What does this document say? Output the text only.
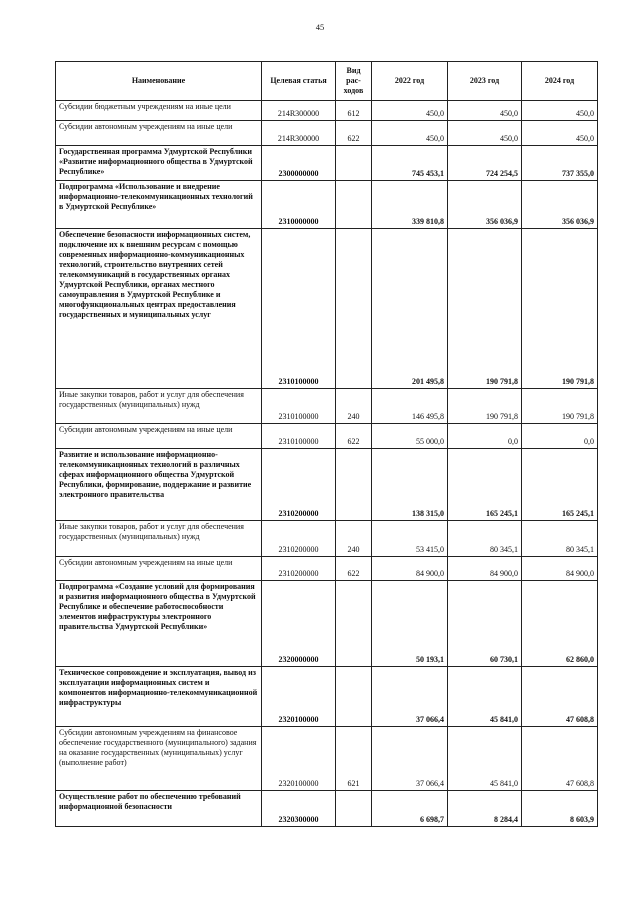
45
Наименование	Целевая статья	Вид рас-ходов	2022 год	2023 год	2024 год
Субсидии бюджетным учреждениям на иные цели	214R300000	612	450,0	450,0	450,0
Субсидии автономным учреждениям на иные цели	214R300000	622	450,0	450,0	450,0
Государственная программа Удмуртской Республики «Развитие информационного общества в Удмуртской Республике»	2300000000		745 453,1	724 254,5	737 355,0
Подпрограмма «Использование и внедрение информационно-телекоммуникационных технологий в Удмуртской Республике»	2310000000		339 810,8	356 036,9	356 036,9
Обеспечение безопасности информационных систем, подключение их к внешним ресурсам с помощью современных информационно-коммуникационных технологий, строительство внутренних сетей телекоммуникаций в государственных органах Удмуртской Республики, органах местного самоуправления в Удмуртской Республике и многофункциональных центрах предоставления государственных и муниципальных услуг	2310100000		201 495,8	190 791,8	190 791,8
Иные закупки товаров, работ и услуг для обеспечения государственных (муниципальных) нужд	2310100000	240	146 495,8	190 791,8	190 791,8
Субсидии автономным учреждениям на иные цели	2310100000	622	55 000,0	0,0	0,0
Развитие и использование информационно-телекоммуникационных технологий в различных сферах информационного общества Удмуртской Республики, формирование, поддержание и развитие электронного правительства	2310200000		138 315,0	165 245,1	165 245,1
Иные закупки товаров, работ и услуг для обеспечения государственных (муниципальных) нужд	2310200000	240	53 415,0	80 345,1	80 345,1
Субсидии автономным учреждениям на иные цели	2310200000	622	84 900,0	84 900,0	84 900,0
Подпрограмма «Создание условий для формирования и развития информационного общества в Удмуртской Республике и обеспечение работоспособности элементов инфраструктуры электронного правительства Удмуртской Республики»	2320000000		50 193,1	60 730,1	62 860,0
Техническое сопровождение и эксплуатация, вывод из эксплуатации информационных систем и компонентов информационно-телекоммуникационной инфраструктуры	2320100000		37 066,4	45 841,0	47 608,8
Субсидии автономным учреждениям на финансовое обеспечение государственного (муниципального) задания на оказание государственных (муниципальных) услуг (выполнение работ)	2320100000	621	37 066,4	45 841,0	47 608,8
Осуществление работ по обеспечению требований информационной безопасности	2320300000		6 698,7	8 284,4	8 603,9
